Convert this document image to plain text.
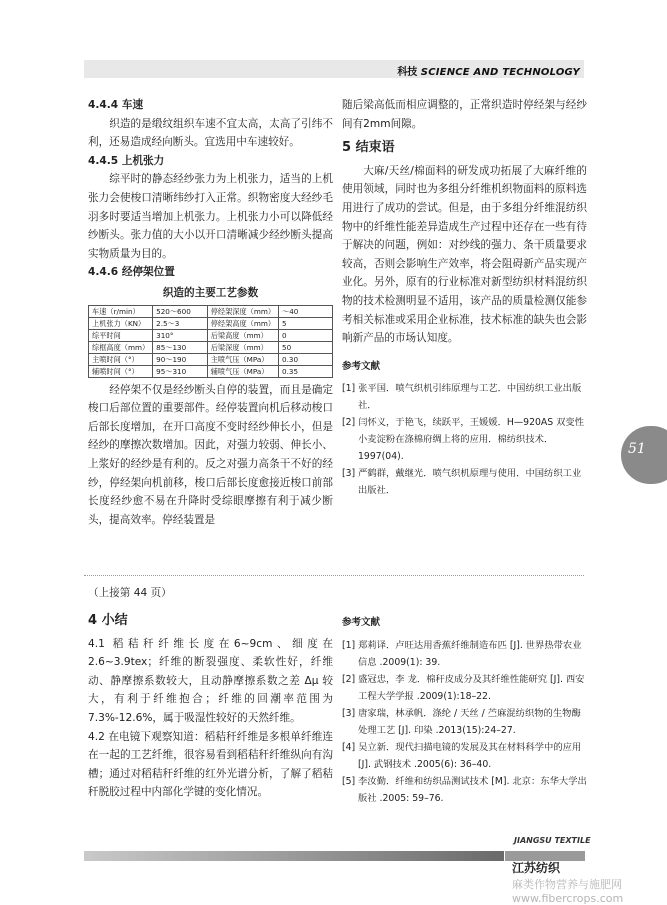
科技 SCIENCE AND TECHNOLOGY
4.4.4 车速

织造的是缎纹组织车速不宜太高，太高了引纬不利，还易造成经向断头。宜选用中车速较好。

4.4.5 上机张力

综平时的静态经纱张力为上机张力，适当的上机张力会使梭口清晰纬纱打入正常。织物密度大经纱毛羽多时要适当增加上机张力。上机张力小可以降低经纱断头。张力值的大小以开口清晰减少经纱断头提高实物质量为目的。

4.4.6 经停架位置
织造的主要工艺参数
车速（r/min）	520～600	停经架深度（mm）	～40
上机张力（KN）	2.5～3	停经架高度（mm）	5
综平时间	310°	后梁高度（mm）	0
综框高度（mm）	85～130	后梁深度（mm）	50
主喷时间（°）	90～190	主喷气压（MPa）	0.30
辅喷时间（°）	95～310	辅喷气压（MPa）	0.35

经停架不仅是经纱断头自停的装置，而且是确定梭口后部位置的重要部件。经停装置向机后移动梭口后部长度增加，在开口高度不变时经纱伸长小，但是经纱的摩擦次数增加。因此，对强力较弱、伸长小、上浆好的经纱是有利的。反之对强力高条干不好的经纱，停经架向机前移，梭口后部长度愈接近梭口前部长度经纱愈不易在升降时受综眼摩擦有利于减少断头，提高效率。停经装置是

随后梁高低而相应调整的，正常织造时停经架与经纱间有2mm间隙。

5 结束语

大麻/天丝/棉面料的研发成功拓展了大麻纤维的使用领域，同时也为多组分纤维机织物面料的原料选用进行了成功的尝试。但是，由于多组分纤维混纺织物中的纤维性能差异造成生产过程中还存在一些有待于解决的问题，例如：对纱线的强力、条干质量要求较高，否则会影响生产效率，将会阻碍新产品实现产业化。另外，原有的行业标准对新型纺织材料混纺织物的技术检测明显不适用，该产品的质量检测仅能参考相关标准或采用企业标准，技术标准的缺失也会影响新产品的市场认知度。

参考文献

[1] 张平国．喷气织机引纬原理与工艺．中国纺织工业出版社．

[2] 闫怀义，于艳飞，续跃平，王媛媛．H—920AS 双变性小麦淀粉在涤棉府绸上将的应用．棉纺织技术．1997(04).

[3] 严鹤群，戴继光．喷气织机原理与使用．中国纺织工业出版社．

51
（上接第 44 页）
4 小结

4.1 稻秸秆纤维长度在6~9cm、细度在2.6~3.9tex；纤维的断裂强度、柔软性好，纤维动、静摩擦系数较大，且动静摩擦系数之差 Δμ 较大，有利于纤维抱合；纤维的回潮率范围为7.3%-12.6%，属于吸湿性较好的天然纤维。

4.2 在电镜下观察知道：稻秸秆纤维是多根单纤维连在一起的工艺纤维，很容易看到稻秸秆纤维纵向有沟槽；通过对稻秸秆纤维的红外光谱分析，了解了稻秸秆脱胶过程中内部化学键的变化情况。

参考文献

[1] 郑莉译．卢旺达用香蕉纤维制造布匹 [J]. 世界热带农业信息 .2009(1): 39.

[2] 盛冠忠，李 龙．棉秆皮成分及其纤维性能研究 [J]. 西安工程大学学报 .2009(1):18–22.

[3] 唐家瑞，林承帆．涤纶 / 天丝 / 苎麻混纺织物的生物酶处理工艺 [J]. 印染 .2013(15):24–27.

[4] 吴立新．现代扫描电镜的发展及其在材料科学中的应用 [J]. 武钢技术 .2005(6): 36–40.

[5] 李汝勤．纤维和纺织品测试技术 [M]. 北京：东华大学出版社 .2005: 59–76.

JIANGSU TEXTILE
江苏纺织
麻类作物营养与施肥网 www.fibercrops.com
